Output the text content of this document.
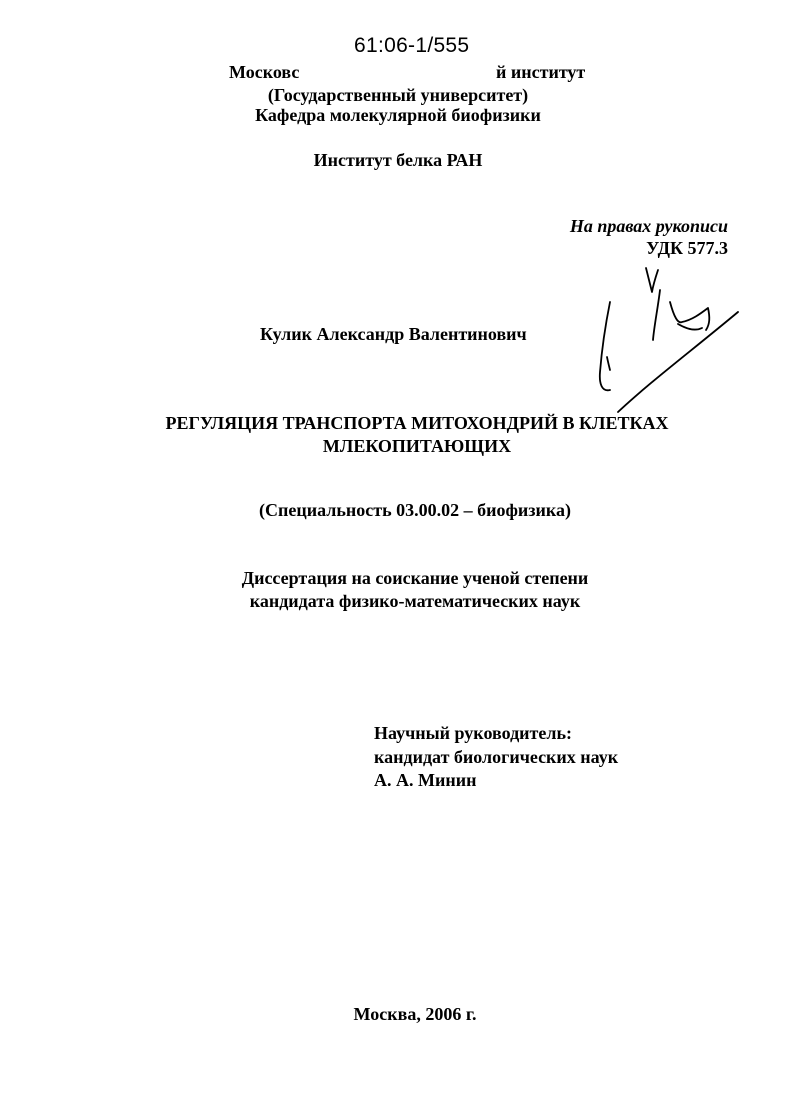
61:06-1/555
Московс	й институт
(Государственный университет)
Кафедра молекулярной биофизики
Институт белка РАН
На правах рукописи
УДК 577.3
Кулик Александр Валентинович
РЕГУЛЯЦИЯ ТРАНСПОРТА МИТОХОНДРИЙ В КЛЕТКАХ
МЛЕКОПИТАЮЩИХ
(Специальность 03.00.02 – биофизика)
Диссертация на соискание ученой степени
кандидата физико-математических наук
Научный руководитель:
кандидат биологических наук
А. А. Минин
Москва, 2006 г.
